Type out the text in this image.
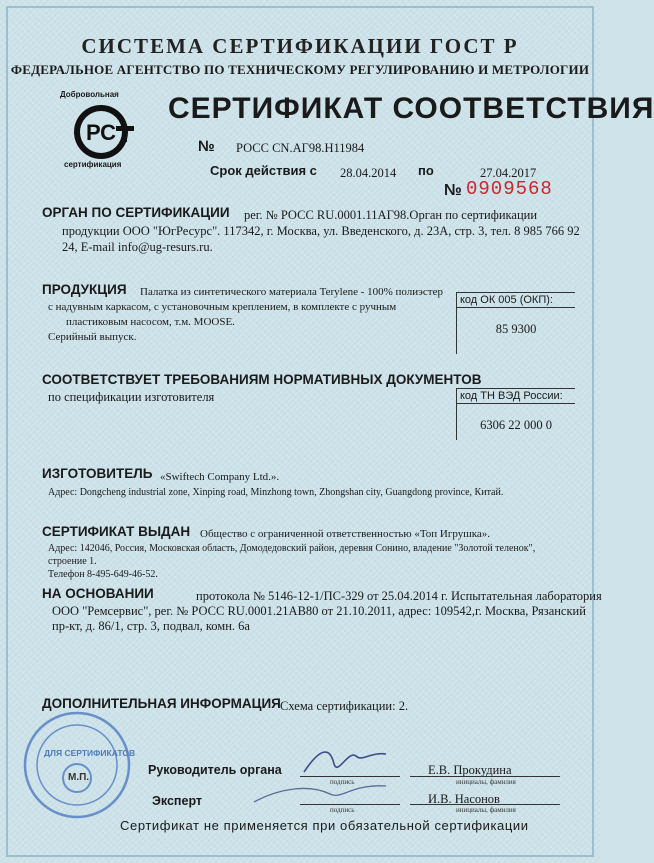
СИСТЕМА СЕРТИФИКАЦИИ ГОСТ Р
ФЕДЕРАЛЬНОЕ АГЕНТСТВО ПО ТЕХНИЧЕСКОМУ РЕГУЛИРОВАНИЮ И МЕТРОЛОГИИ
РС
Добровольная
сертификация
СЕРТИФИКАТ СООТВЕТСТВИЯ
№ РОСС CN.АГ98.Н11984
Срок действия с 28.04.2014 по	27.04.2017
№ 0909568
ОРГАН ПО СЕРТИФИКАЦИИ рег. № РОСС RU.0001.11АГ98.Орган по сертификации
продукции ООО "ЮгРесурс". 117342, г. Москва, ул. Введенского, д. 23А, стр. 3, тел. 8 985 766 92
24, E-mail info@ug-resurs.ru.
ПРОДУКЦИЯ Палатка из синтетического материала Terylene - 100% полиэстер
с надувным каркасом, с установочным креплением, в комплекте с ручным
пластиковым насосом, т.м. MOOSE.
Серийный выпуск.
код ОК 005 (ОКП):
85 9300
СООТВЕТСТВУЕТ ТРЕБОВАНИЯМ НОРМАТИВНЫХ ДОКУМЕНТОВ
по спецификации изготовителя	код ТН ВЭД России:
6306 22 000 0
ИЗГОТОВИТЕЛЬ «Swiftech Company Ltd.».
Адрес: Dongcheng industrial zone, Xinping road, Minzhong town, Zhongshan city, Guangdong province, Китай.
СЕРТИФИКАТ ВЫДАН Общество с ограниченной ответственностью «Топ Игрушка».
Адрес: 142046, Россия, Московская область, Домодедовский район, деревня Сонино, владение "Золотой теленок",
строение 1.
Телефон 8-495-649-46-52.
НА ОСНОВАНИИ	протокола № 5146-12-1/ПС-329 от 25.04.2014 г. Испытательная лаборатория
ООО "Ремсервис", рег. № РОСС RU.0001.21АВ80 от 21.10.2011, адрес: 109542,г. Москва, Рязанский
пр-кт, д. 86/1, стр. 3, подвал, комн. 6а
ДОПОЛНИТЕЛЬНАЯ ИНФОРМАЦИЯ Схема сертификации: 2.
ДЛЯ СЕРТИФИКАТОВ
М.П.
Руководитель органа
подпись
Е.В. Прокудина
инициалы, фамилия
Эксперт
подпись
И.В. Насонов
инициалы, фамилия
Сертификат не применяется при обязательной сертификации
